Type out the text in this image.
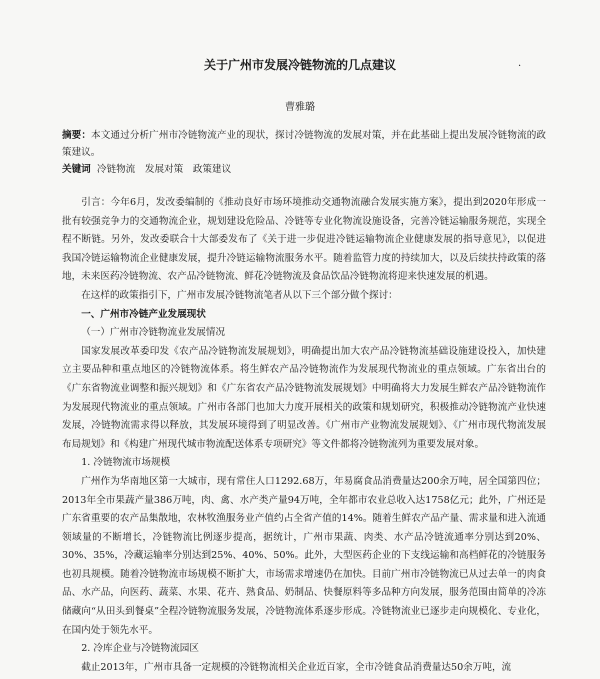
关于广州市发展冷链物流的几点建议	.
曹雅璐
摘要：本文通过分析广州市冷链物流产业的现状，探讨冷链物流的发展对策，并在此基础上提出发展冷链物流的政策建议。
关键词 冷链物流　发展对策　政策建议
引言：今年6月，发改委编制的《推动良好市场环境推动交通物流融合发展实施方案》，提出到2020年形成一批有较强竞争力的交通物流企业，规划建设危险品、冷链等专业化物流设施设备，完善冷链运输服务规范，实现全程不断链。另外，发改委联合十大部委发布了《关于进一步促进冷链运输物流企业健康发展的指导意见》，以促进我国冷链运输物流企业健康发展，提升冷链运输物流服务水平。随着监管力度的持续加大，以及后续扶持政策的落地，未来医药冷链物流、农产品冷链物流、鲜花冷链物流及食品饮品冷链物流将迎来快速发展的机遇。
在这样的政策指引下，广州市发展冷链物流笔者从以下三个部分做个探讨：
一、广州市冷链产业发展现状
（一）广州市冷链物流业发展情况
国家发展改革委印发《农产品冷链物流发展规划》，明确提出加大农产品冷链物流基础设施建设投入，加快建立主要品种和重点地区的冷链物流体系。将生鲜农产品冷链物流作为发展现代物流业的重点领域。广东省出台的《广东省物流业调整和振兴规划》和《广东省农产品冷链物流发展规划》中明确将大力发展生鲜农产品冷链物流作为发展现代物流业的重点领域。广州市各部门也加大力度开展相关的政策和规划研究，积极推动冷链物流产业快速发展，冷链物流需求得以释放，其发展环境得到了明显改善。《广州市产业物流发展规划》、《广州市现代物流发展布局规划》和《构建广州现代城市物流配送体系专项研究》等文件都将冷链物流列为重要发展对象。
1. 冷链物流市场规模
广州作为华南地区第一大城市，现有常住人口1292.68万，年易腐食品消费量达200余万吨，居全国第四位；2013年全市果蔬产量386万吨，肉、禽、水产类产量94万吨，全年都市农业总收入达1758亿元；此外，广州还是广东省重要的农产品集散地，农林牧渔服务业产值约占全省产值的14%。随着生鲜农产品产量、需求量和进入流通领域量的不断增长，冷链物流比例逐步提高，据统计，广州市果蔬、肉类、水产品冷链流通率分别达到20%、30%、35%，冷藏运输率分别达到25%、40%、50%。此外，大型医药企业的下支线运输和高档鲜花的冷链服务也初具规模。随着冷链物流市场规模不断扩大，市场需求增速仍在加快。目前广州市冷链物流已从过去单一的肉食品、水产品，向医药、蔬菜、水果、花卉、熟食品、奶制品、快餐原料等多品种方向发展，服务范围由简单的冷冻储藏向“从田头到餐桌”全程冷链物流服务发展，冷链物流体系逐步形成。冷链物流业已逐步走向规模化、专业化，在国内处于领先水平。
2. 冷库企业与冷链物流园区
截止2013年，广州市具备一定规模的冷链物流相关企业近百家，全市冷链食品消费量达50余万吨，流
